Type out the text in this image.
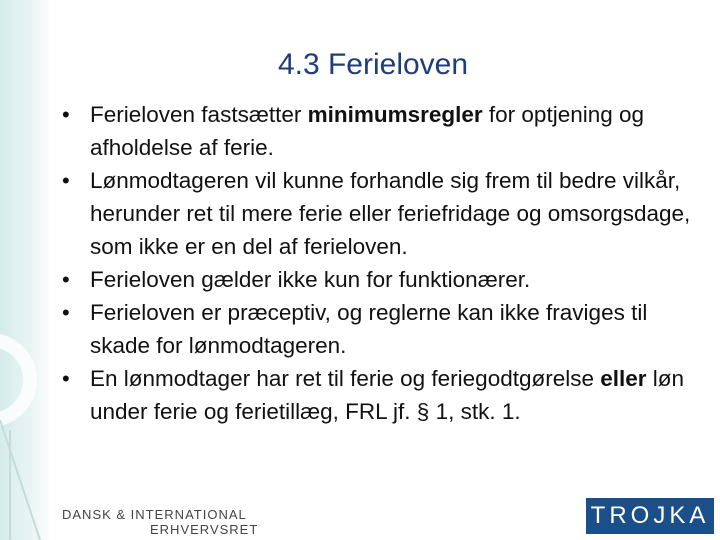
4.3 Ferieloven
• Ferieloven fastsætter minimumsregler for optjening og afholdelse af ferie.
• Lønmodtageren vil kunne forhandle sig frem til bedre vilkår, herunder ret til mere ferie eller feriefridage og omsorgsdage, som ikke er en del af ferieloven.
• Ferieloven gælder ikke kun for funktionærer.
• Ferieloven er præceptiv, og reglerne kan ikke fraviges til skade for lønmodtageren.
• En lønmodtager har ret til ferie og feriegodtgørelse eller løn under ferie og ferietillæg, FRL jf. § 1, stk. 1.
DANSK & INTERNATIONAL
ERHVERVSRET
TROJKA
